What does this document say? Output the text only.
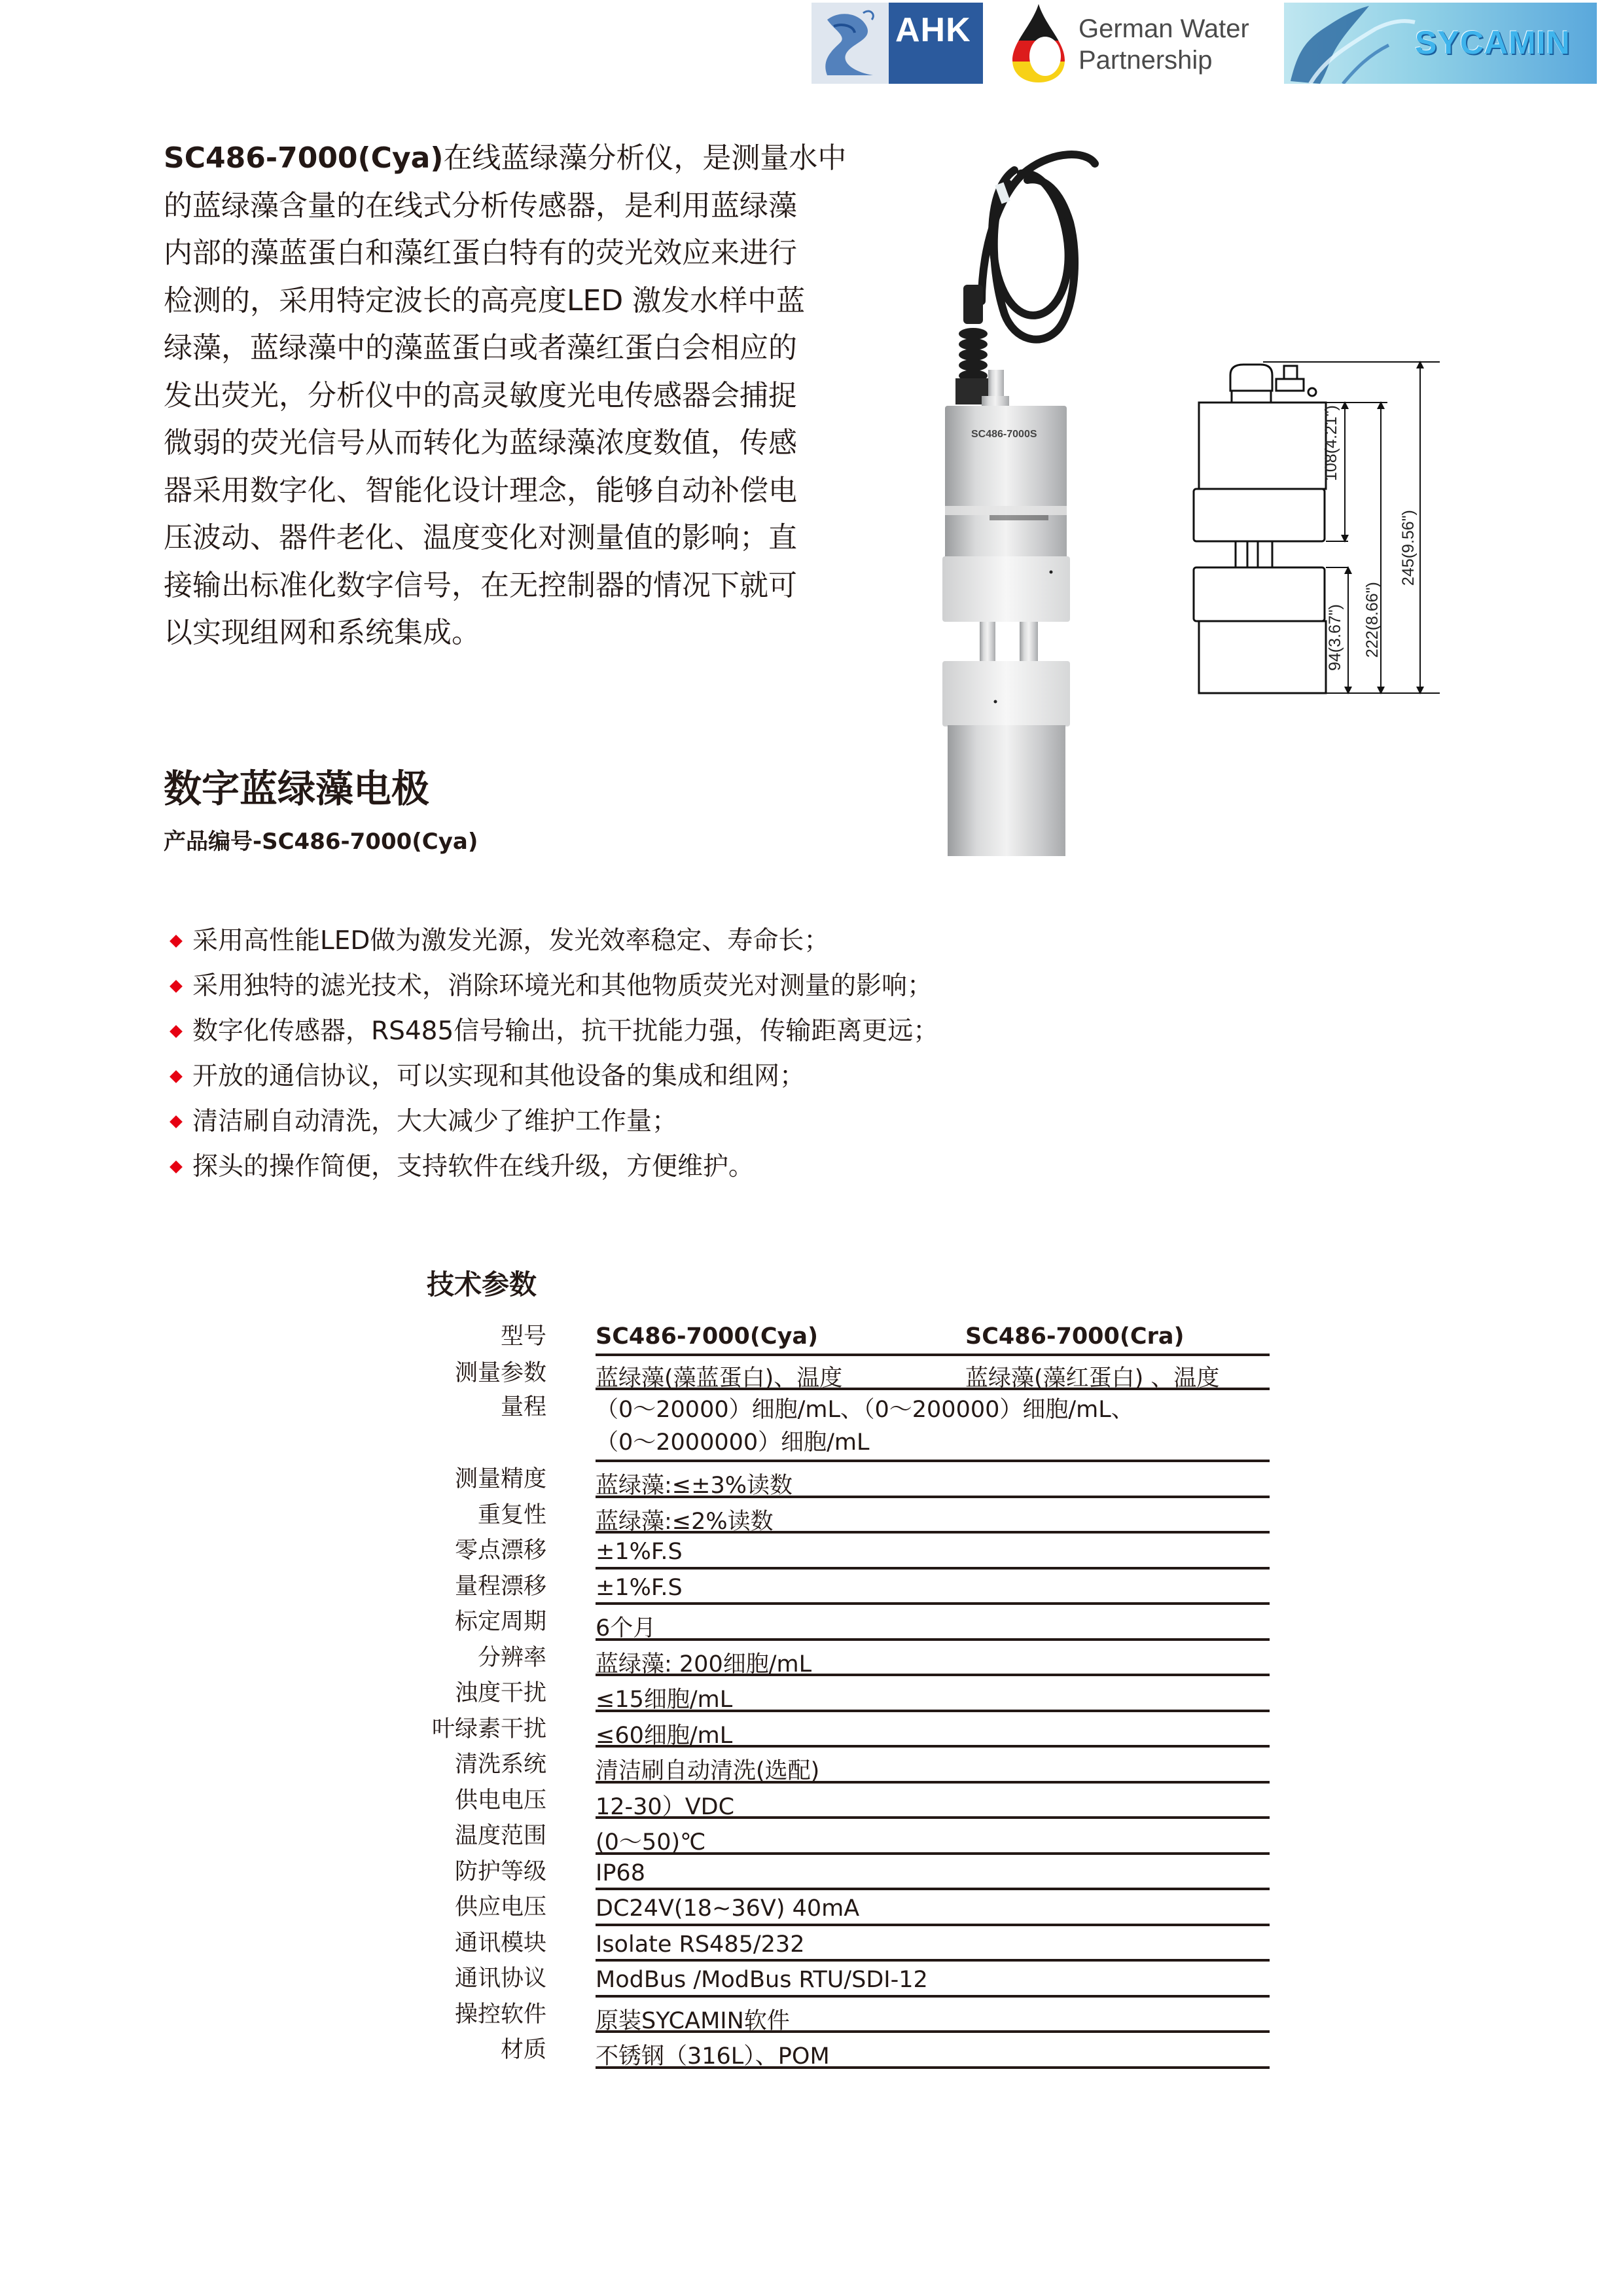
AHK	German Water
Partnership	SYCAMIN
SC486-7000(Cya)在线蓝绿藻分析仪，是测量水中
的蓝绿藻含量的在线式分析传感器，是利用蓝绿藻
内部的藻蓝蛋白和藻红蛋白特有的荧光效应来进行
检测的，采用特定波长的高亮度LED 激发水样中蓝
绿藻，蓝绿藻中的藻蓝蛋白或者藻红蛋白会相应的
发出荧光，分析仪中的高灵敏度光电传感器会捕捉
微弱的荧光信号从而转化为蓝绿藻浓度数值，传感
器采用数字化、智能化设计理念，能够自动补偿电
压波动、器件老化、温度变化对测量值的影响；直
接输出标准化数字信号，在无控制器的情况下就可
以实现组网和系统集成。
SC486-7000S	108(4.21")
222(8.66")
245(9.56")
94(3.67")
数字蓝绿藻电极
产品编号-SC486-7000(Cya)
采用高性能LED做为激发光源，发光效率稳定、寿命长；
采用独特的滤光技术，消除环境光和其他物质荧光对测量的影响；
数字化传感器，RS485信号输出，抗干扰能力强，传输距离更远；
开放的通信协议，可以实现和其他设备的集成和组网；
清洁刷自动清洗，大大减少了维护工作量；
探头的操作简便，支持软件在线升级，方便维护。
技术参数
型号 SC486-7000(Cya)	SC486-7000(Cra)
测量参数 蓝绿藻(藻蓝蛋白)、温度	蓝绿藻(藻红蛋白) 、温度
量程 （0～20000）细胞/mL、（0～200000）细胞/mL、
（0～2000000）细胞/mL
测量精度 蓝绿藻:≤±3%读数
重复性 蓝绿藻:≤2%读数
零点漂移 ±1%F.S
量程漂移 ±1%F.S
标定周期 6个月
分辨率 蓝绿藻: 200细胞/mL
浊度干扰 ≤15细胞/mL
叶绿素干扰 ≤60细胞/mL
清洗系统 清洁刷自动清洗(选配)
供电电压 12-30）VDC
温度范围 (0～50)℃
防护等级 IP68
供应电压 DC24V(18~36V) 40mA
通讯模块 Isolate RS485/232
通讯协议 ModBus /ModBus RTU/SDI-12
操控软件 原装SYCAMIN软件
材质 不锈钢（316L）、POM
